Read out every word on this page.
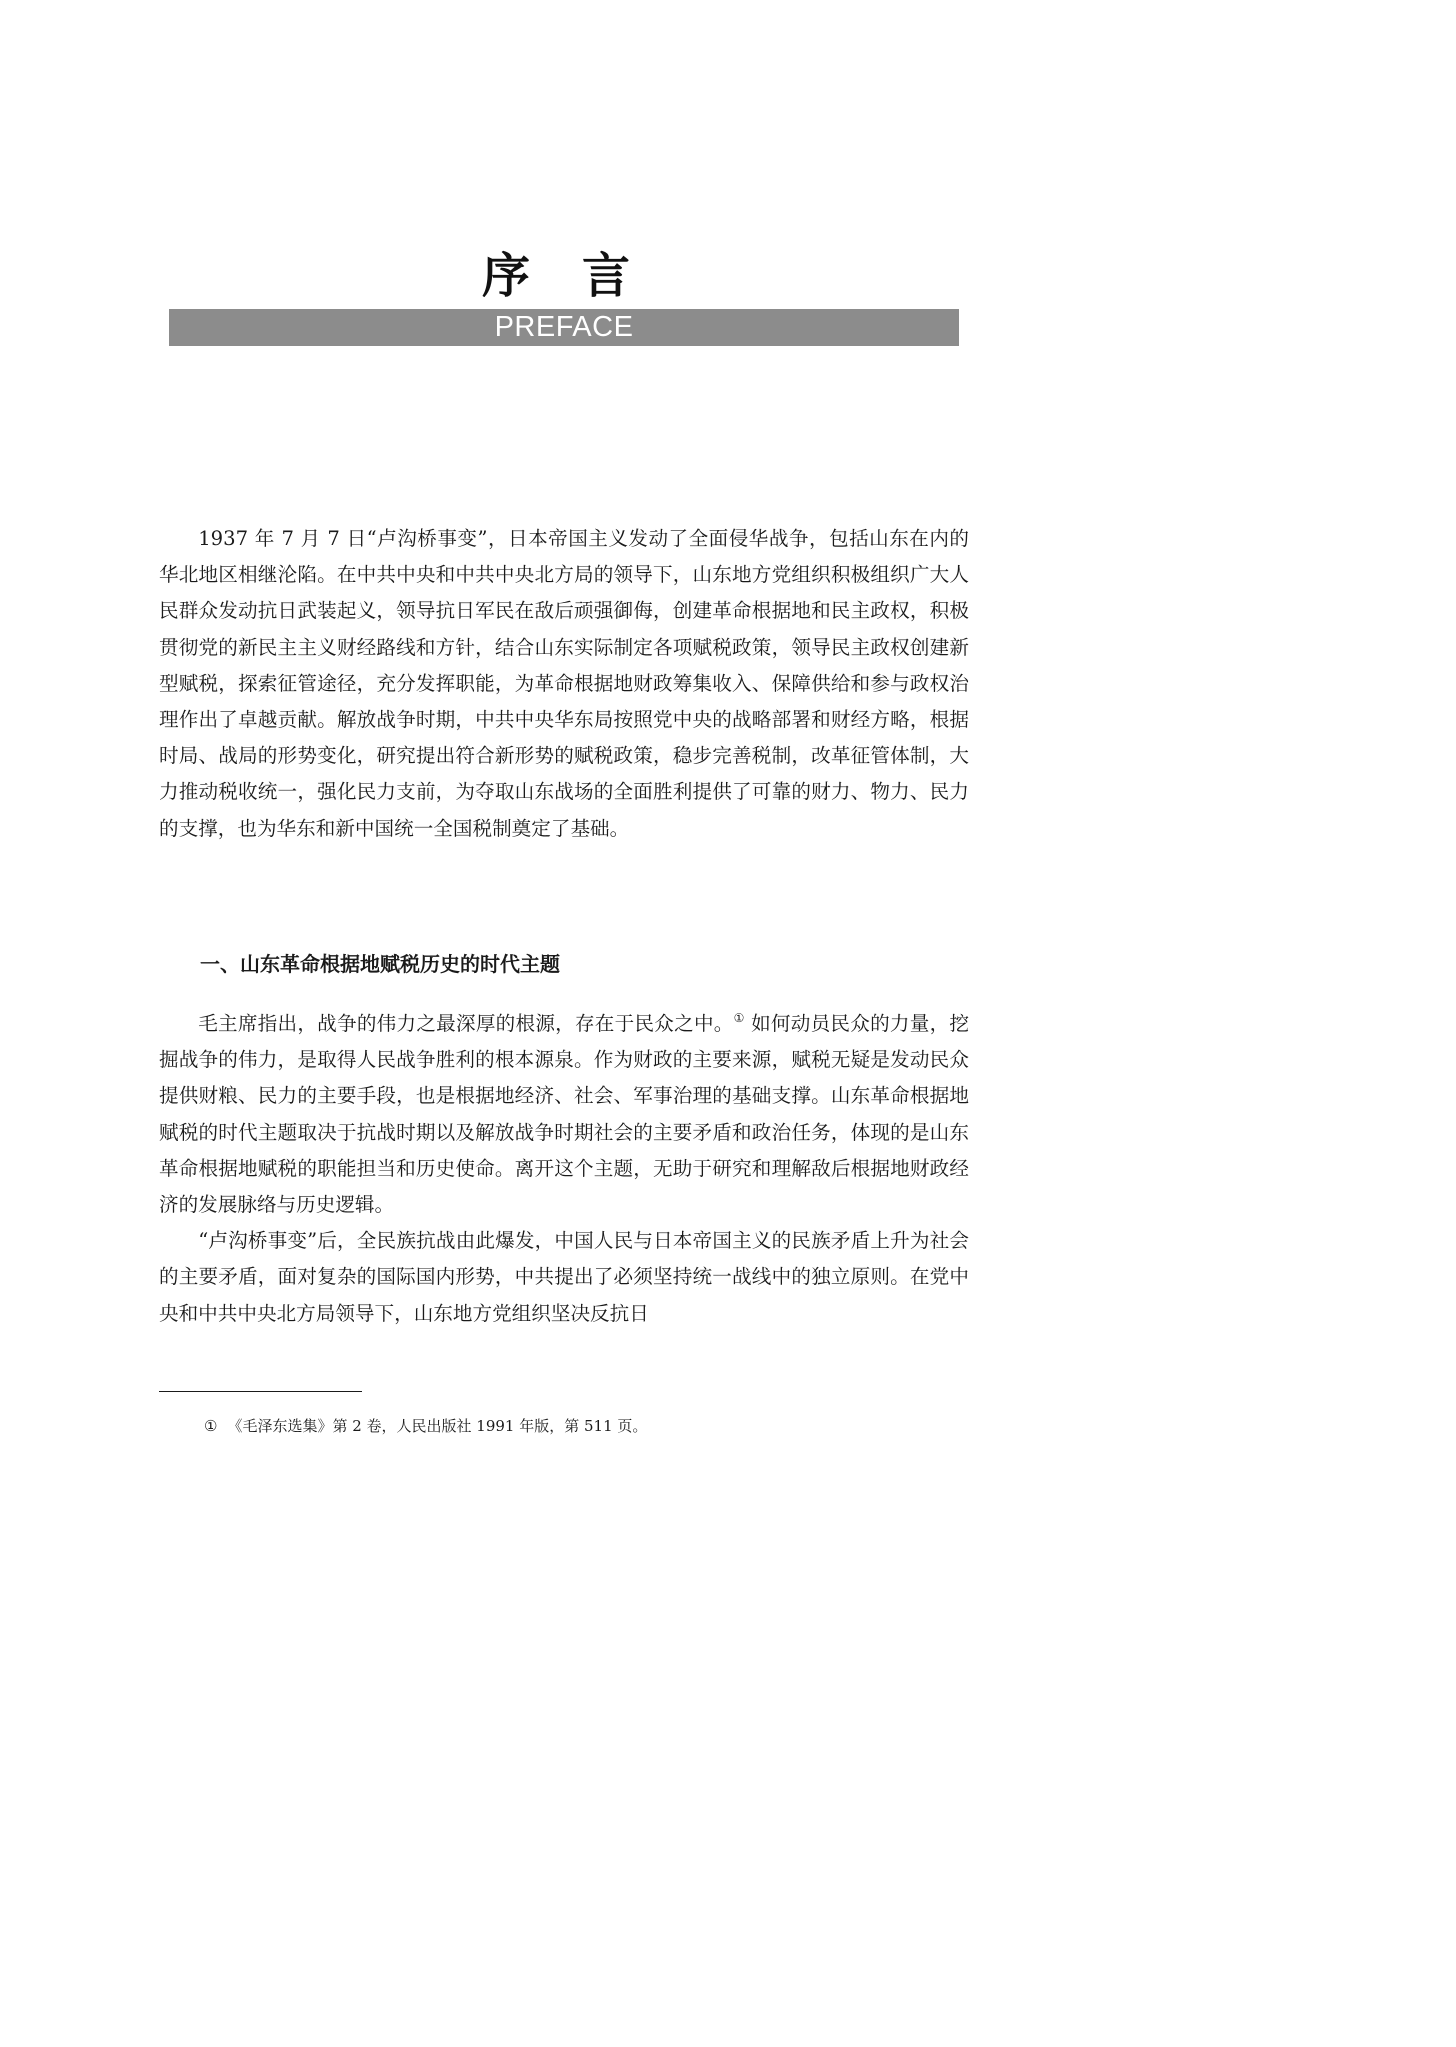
序言
PREFACE

1937 年 7 月 7 日“卢沟桥事变”，日本帝国主义发动了全面侵华战争，包括山东在内的华北地区相继沦陷。在中共中央和中共中央北方局的领导下，山东地方党组织积极组织广大人民群众发动抗日武装起义，领导抗日军民在敌后顽强御侮，创建革命根据地和民主政权，积极贯彻党的新民主主义财经路线和方针，结合山东实际制定各项赋税政策，领导民主政权创建新型赋税，探索征管途径，充分发挥职能，为革命根据地财政筹集收入、保障供给和参与政权治理作出了卓越贡献。解放战争时期，中共中央华东局按照党中央的战略部署和财经方略，根据时局、战局的形势变化，研究提出符合新形势的赋税政策，稳步完善税制，改革征管体制，大力推动税收统一，强化民力支前，为夺取山东战场的全面胜利提供了可靠的财力、物力、民力的支撑，也为华东和新中国统一全国税制奠定了基础。

一、山东革命根据地赋税历史的时代主题

毛主席指出，战争的伟力之最深厚的根源，存在于民众之中。① 如何动员民众的力量，挖掘战争的伟力，是取得人民战争胜利的根本源泉。作为财政的主要来源，赋税无疑是发动民众提供财粮、民力的主要手段，也是根据地经济、社会、军事治理的基础支撑。山东革命根据地赋税的时代主题取决于抗战时期以及解放战争时期社会的主要矛盾和政治任务，体现的是山东革命根据地赋税的职能担当和历史使命。离开这个主题，无助于研究和理解敌后根据地财政经济的发展脉络与历史逻辑。

“卢沟桥事变”后，全民族抗战由此爆发，中国人民与日本帝国主义的民族矛盾上升为社会的主要矛盾，面对复杂的国际国内形势，中共提出了必须坚持统一战线中的独立原则。在党中央和中共中央北方局领导下，山东地方党组织坚决反抗日

① 《毛泽东选集》第 2 卷，人民出版社 1991 年版，第 511 页。
